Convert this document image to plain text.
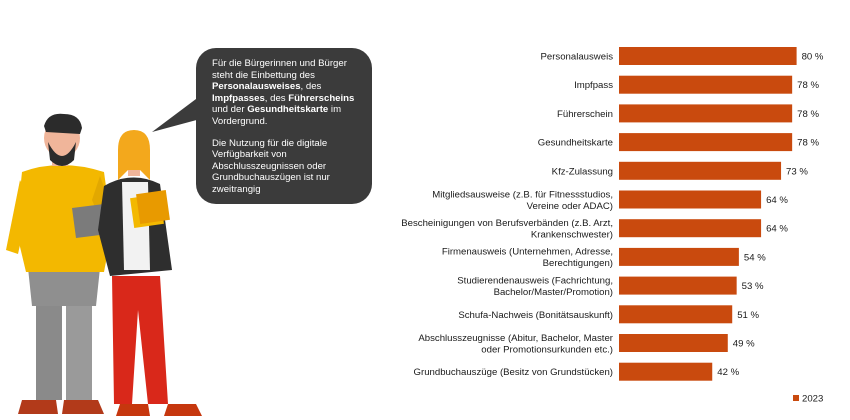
Für die Bürgerinnen und Bürger steht die Einbettung des Personalausweises, des Impfpasses, des Führerscheins und der Gesundheitskarte im Vordergrund.

Die Nutzung für die digitale Verfügbarkeit von Abschlusszeugnissen oder Grundbuchauszügen ist nur zweitrangig

80 %
Personalausweis
78 %
Impfpass
78 %
Führerschein
78 %
Gesundheitskarte
73 %
Kfz-Zulassung
64 %
Mitgliedsausweise (z.B. für Fitnessstudios,
Vereine oder ADAC)
64 %
Bescheinigungen von Berufsverbänden (z.B. Arzt,
Krankenschwester)
54 %
Firmenausweis (Unternehmen, Adresse,
Berechtigungen)
53 %
Studierendenausweis (Fachrichtung,
Bachelor/Master/Promotion)
51 %
Schufa-Nachweis (Bonitätsauskunft)
49 %
Abschlusszeugnisse (Abitur, Bachelor, Master
oder Promotionsurkunden etc.)
42 %
Grundbuchauszüge (Besitz von Grundstücken)
2023
